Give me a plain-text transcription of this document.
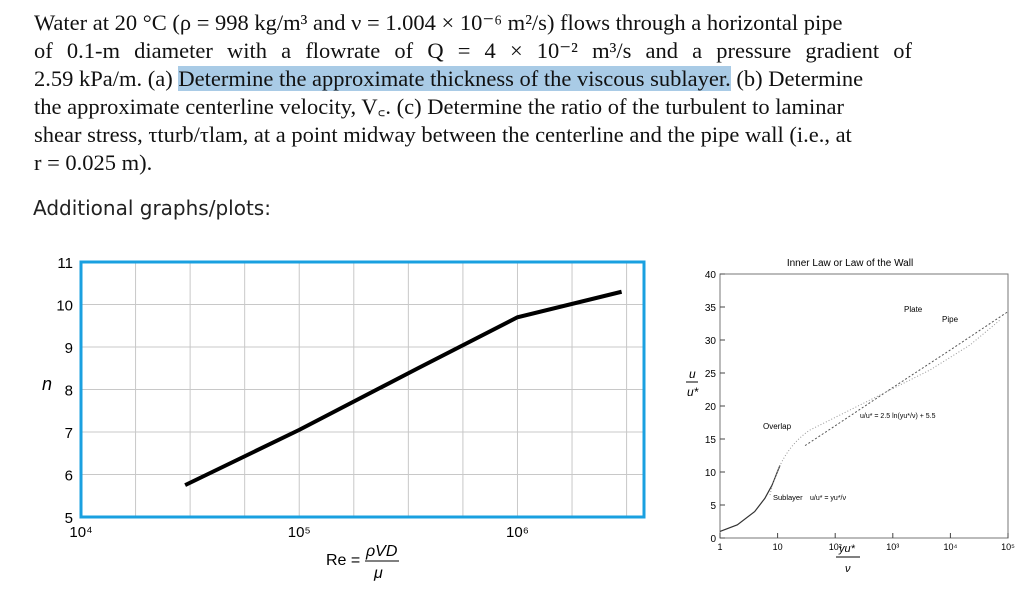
Water at 20 °C (ρ = 998 kg/m³ and ν = 1.004 × 10⁻⁶ m²/s) flows through a horizontal pipe
of 0.1-m diameter with a flowrate of Q = 4 × 10⁻² m³/s and a pressure gradient of
2.59 kPa/m. (a) Determine the approximate thickness of the viscous sublayer. (b) Determine
the approximate centerline velocity, V꜀. (c) Determine the ratio of the turbulent to laminar
shear stress, τturb/τlam, at a point midway between the centerline and the pipe wall (i.e., at
r = 0.025 m).
Additional graphs/plots:
5
6
7
8
9
10
11
10⁴	10⁵	10⁶
n
Re =
ρVD
μ
Inner Law or Law of the Wall
0
5
10
15
20
25
30
35
40
1	10	10²	10³	10⁴	10⁵
u
u*
yu*
ν
Plate
Pipe
Overlap
Sublayer u/u* = yu*/ν
u/u* = 2.5 ln(yu*/ν) + 5.5
